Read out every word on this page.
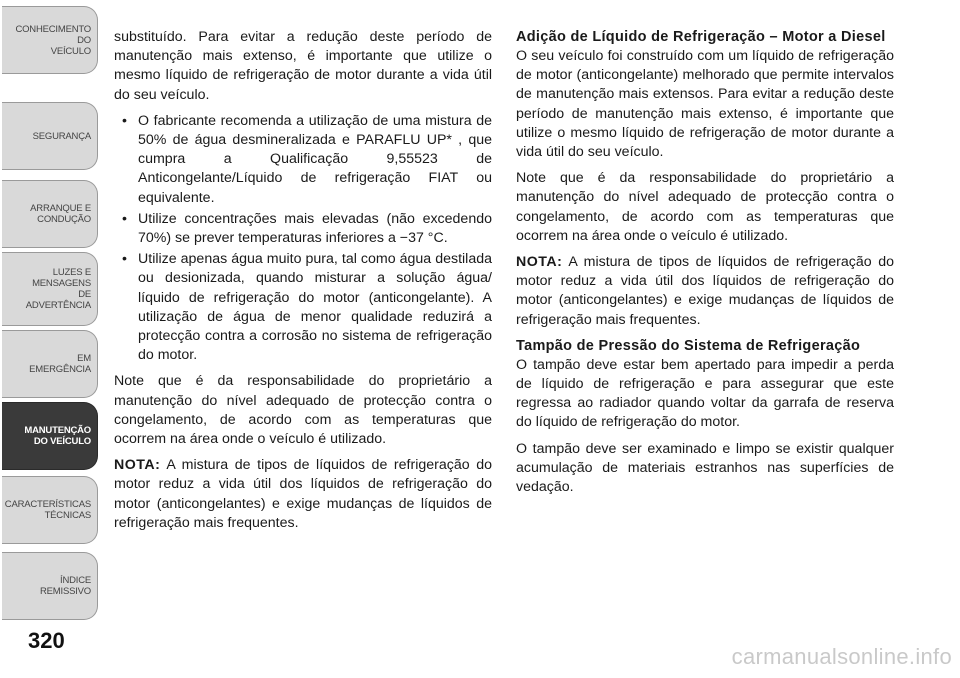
CONHECIMENTO
DO
VEÍCULO
SEGURANÇA
ARRANQUE E
CONDUÇÃO
LUZES E
MENSAGENS
DE
ADVERTÊNCIA
EM
EMERGÊNCIA
MANUTENÇÃO
DO VEÍCULO
CARACTERÍSTICAS
TÉCNICAS
ÍNDICE
REMISSIVO
320

substituído. Para evitar a redução deste período de manutenção mais extenso, é importante que utilize o mesmo líquido de refrigeração de motor durante a vida útil do seu veículo.

• O fabricante recomenda a utilização de uma mistura de 50% de água desmineralizada e PARAFLU UP* , que cumpra a Qualificação 9,55523 de Anticongelante/Líquido de refrigeração FIAT ou equivalente.
• Utilize concentrações mais elevadas (não excedendo 70%) se prever temperaturas inferiores a −37 °C.
• Utilize apenas água muito pura, tal como água destilada ou desionizada, quando misturar a solução água/ líquido de refrigeração do motor (anticongelante). A utilização de água de menor qualidade reduzirá a protecção contra a corrosão no sistema de refrigeração do motor.

Note que é da responsabilidade do proprietário a manutenção do nível adequado de protecção contra o congelamento, de acordo com as temperaturas que ocorrem na área onde o veículo é utilizado.

NOTA: A mistura de tipos de líquidos de refrigeração do motor reduz a vida útil dos líquidos de refrigeração do motor (anticongelantes) e exige mudanças de líquidos de refrigeração mais frequentes.

Adição de Líquido de Refrigeração – Motor a Diesel

O seu veículo foi construído com um líquido de refrigeração de motor (anticongelante) melhorado que permite intervalos de manutenção mais extensos. Para evitar a redução deste período de manutenção mais extenso, é importante que utilize o mesmo líquido de refrigeração de motor durante a vida útil do seu veículo.

Note que é da responsabilidade do proprietário a manutenção do nível adequado de protecção contra o congelamento, de acordo com as temperaturas que ocorrem na área onde o veículo é utilizado.

NOTA: A mistura de tipos de líquidos de refrigeração do motor reduz a vida útil dos líquidos de refrigeração do motor (anticongelantes) e exige mudanças de líquidos de refrigeração mais frequentes.

Tampão de Pressão do Sistema de Refrigeração

O tampão deve estar bem apertado para impedir a perda de líquido de refrigeração e para assegurar que este regressa ao radiador quando voltar da garrafa de reserva do líquido de refrigeração do motor.

O tampão deve ser examinado e limpo se existir qualquer acumulação de materiais estranhos nas superfícies de vedação.

carmanualsonline.info
